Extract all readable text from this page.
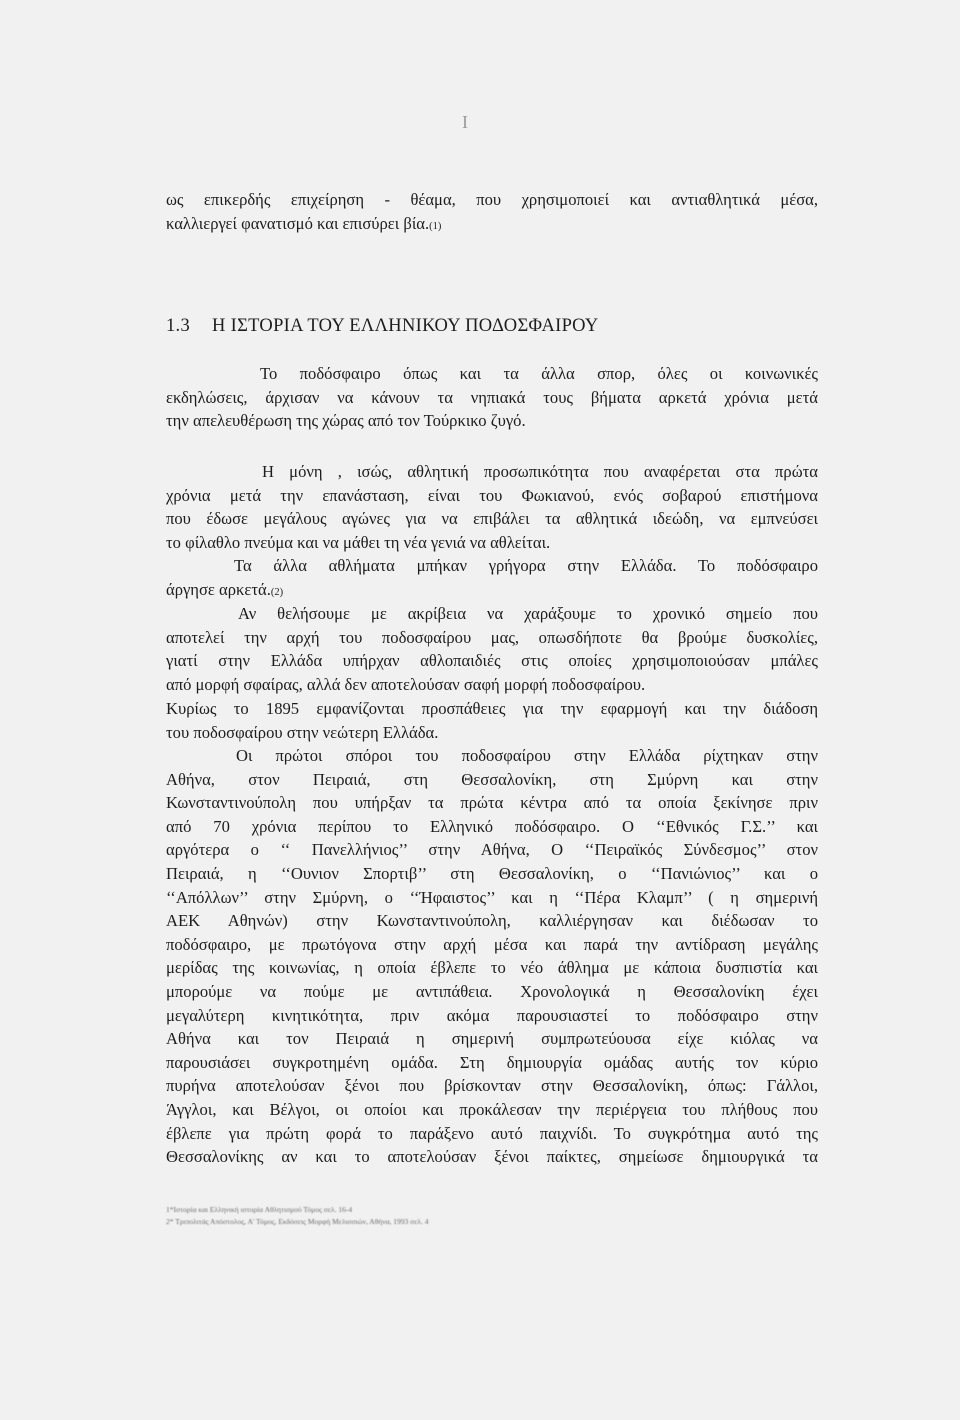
I
ως επικερδής επιχείρηση - θέαμα, που χρησιμοποιεί και αντιαθλητικά μέσα,
καλλιεργεί φανατισμό και επισύρει βία.(1)
1.3 Η ΙΣΤΟΡΙΑ ΤΟΥ ΕΛΛΗΝΙΚΟΥ ΠΟΔΟΣΦΑΙΡΟΥ
Το ποδόσφαιρο όπως και τα άλλα σπορ, όλες οι κοινωνικές
εκδηλώσεις, άρχισαν να κάνουν τα νηπιακά τους βήματα αρκετά χρόνια μετά
την απελευθέρωση της χώρας από τον Τούρκικο ζυγό.
Η μόνη , ισώς, αθλητική προσωπικότητα που αναφέρεται στα πρώτα
χρόνια μετά την επανάσταση, είναι του Φωκιανού, ενός σοβαρού επιστήμονα
που έδωσε μεγάλους αγώνες για να επιβάλει τα αθλητικά ιδεώδη, να εμπνεύσει
το φίλαθλο πνεύμα και να μάθει τη νέα γενιά να αθλείται.
Τα άλλα αθλήματα μπήκαν γρήγορα στην Ελλάδα. Το ποδόσφαιρο
άργησε αρκετά.(2)
Αν θελήσουμε με ακρίβεια να χαράξουμε το χρονικό σημείο που
αποτελεί την αρχή του ποδοσφαίρου μας, οπωσδήποτε θα βρούμε δυσκολίες,
γιατί στην Ελλάδα υπήρχαν αθλοπαιδιές στις οποίες χρησιμοποιούσαν μπάλες
από μορφή σφαίρας, αλλά δεν αποτελούσαν σαφή μορφή ποδοσφαίρου.
Κυρίως το 1895 εμφανίζονται προσπάθειες για την εφαρμογή και την διάδοση
του ποδοσφαίρου στην νεώτερη Ελλάδα.
Οι πρώτοι σπόροι του ποδοσφαίρου στην Ελλάδα ρίχτηκαν στην
Αθήνα, στον Πειραιά, στη Θεσσαλονίκη, στη Σμύρνη και στην
Κωνσταντινούπολη που υπήρξαν τα πρώτα κέντρα από τα οποία ξεκίνησε πριν
από 70 χρόνια περίπου το Ελληνικό ποδόσφαιρο. Ο ‘‘Εθνικός Γ.Σ.’’ και
αργότερα ο ‘‘ Πανελλήνιος’’ στην Αθήνα, Ο ‘‘Πειραϊκός Σύνδεσμος’’ στον
Πειραιά, η ‘‘Ουνιον Σπορτιβ’’ στη Θεσσαλονίκη, ο ‘‘Πανιώνιος’’ και ο
‘‘Απόλλων’’ στην Σμύρνη, ο ‘‘Ήφαιστος’’ και η ‘‘Πέρα Κλαμπ’’ ( η σημερινή
ΑΕΚ Αθηνών) στην Κωνσταντινούπολη, καλλιέργησαν και διέδωσαν το
ποδόσφαιρο, με πρωτόγονα στην αρχή μέσα και παρά την αντίδραση μεγάλης
μερίδας της κοινωνίας, η οποία έβλεπε το νέο άθλημα με κάποια δυσπιστία και
μπορούμε να πούμε με αντιπάθεια. Χρονολογικά η Θεσσαλονίκη έχει
μεγαλύτερη κινητικότητα, πριν ακόμα παρουσιαστεί το ποδόσφαιρο στην
Αθήνα και τον Πειραιά η σημερινή συμπρωτεύουσα είχε κιόλας να
παρουσιάσει συγκροτημένη ομάδα. Στη δημιουργία ομάδας αυτής τον κύριο
πυρήνα αποτελούσαν ξένοι που βρίσκονταν στην Θεσσαλονίκη, όπως: Γάλλοι,
Άγγλοι, και Βέλγοι, οι οποίοι και προκάλεσαν την περιέργεια του πλήθους που
έβλεπε για πρώτη φορά το παράξενο αυτό παιχνίδι. Το συγκρότημα αυτό της
Θεσσαλονίκης αν και το αποτελούσαν ξένοι παίκτες, σημείωσε δημιουργικά τα
1*Ιστορία και Ελληνική ιστορία Αθλητισμού Τόμος σελ. 16-4
2* Τριπολιτάς Απόστολος, Α' Τόμος, Εκδόσεις Μορφή Μελισσιών, Αθήνα, 1993 σελ. 4
